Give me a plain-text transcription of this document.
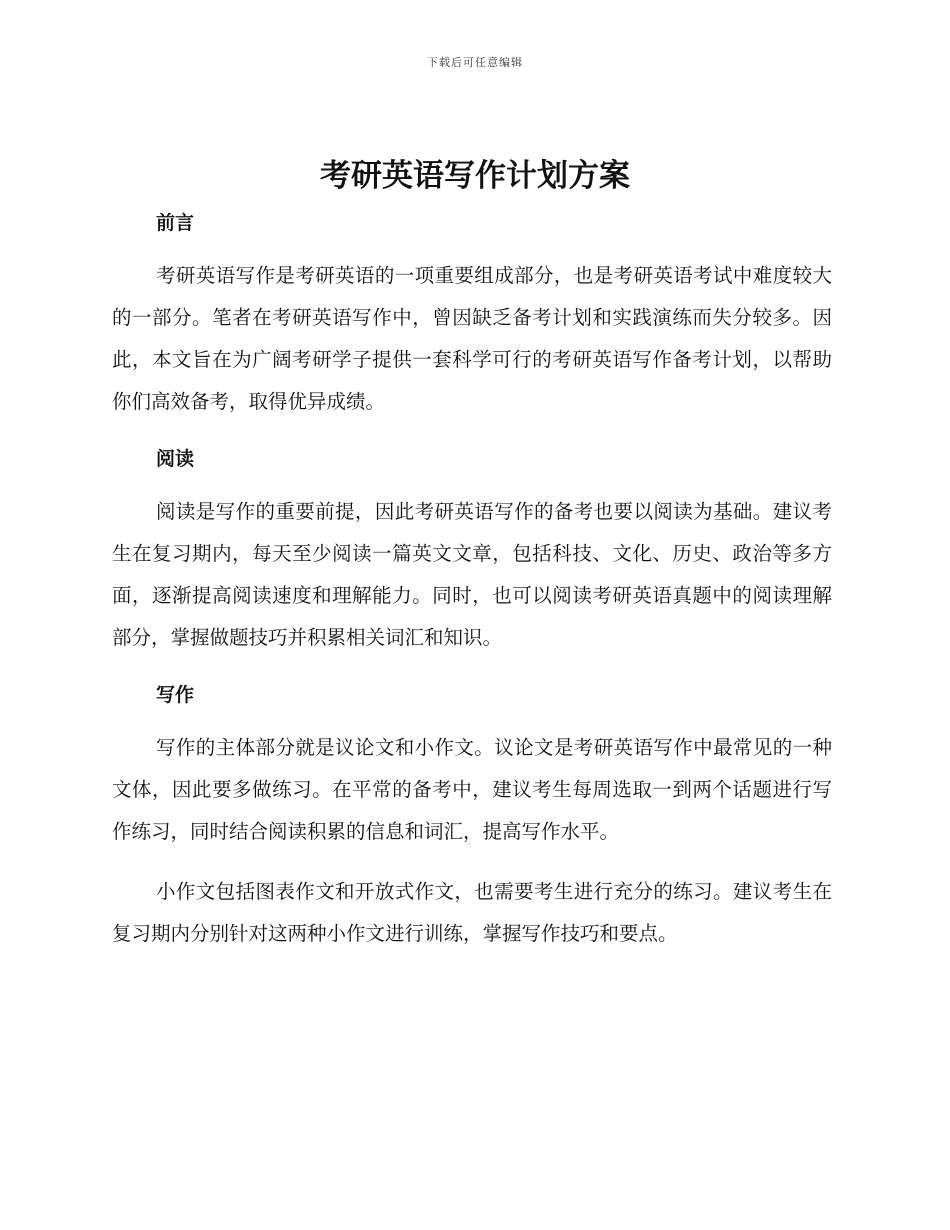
下载后可任意编辑
考研英语写作计划方案
前言

考研英语写作是考研英语的一项重要组成部分，也是考研英语考试中难度较大的一部分。笔者在考研英语写作中，曾因缺乏备考计划和实践演练而失分较多。因此，本文旨在为广阔考研学子提供一套科学可行的考研英语写作备考计划，以帮助你们高效备考，取得优异成绩。

阅读

阅读是写作的重要前提，因此考研英语写作的备考也要以阅读为基础。建议考生在复习期内，每天至少阅读一篇英文文章，包括科技、文化、历史、政治等多方面，逐渐提高阅读速度和理解能力。同时，也可以阅读考研英语真题中的阅读理解部分，掌握做题技巧并积累相关词汇和知识。

写作

写作的主体部分就是议论文和小作文。议论文是考研英语写作中最常见的一种文体，因此要多做练习。在平常的备考中，建议考生每周选取一到两个话题进行写作练习，同时结合阅读积累的信息和词汇，提高写作水平。

小作文包括图表作文和开放式作文，也需要考生进行充分的练习。建议考生在复习期内分别针对这两种小作文进行训练，掌握写作技巧和要点。
